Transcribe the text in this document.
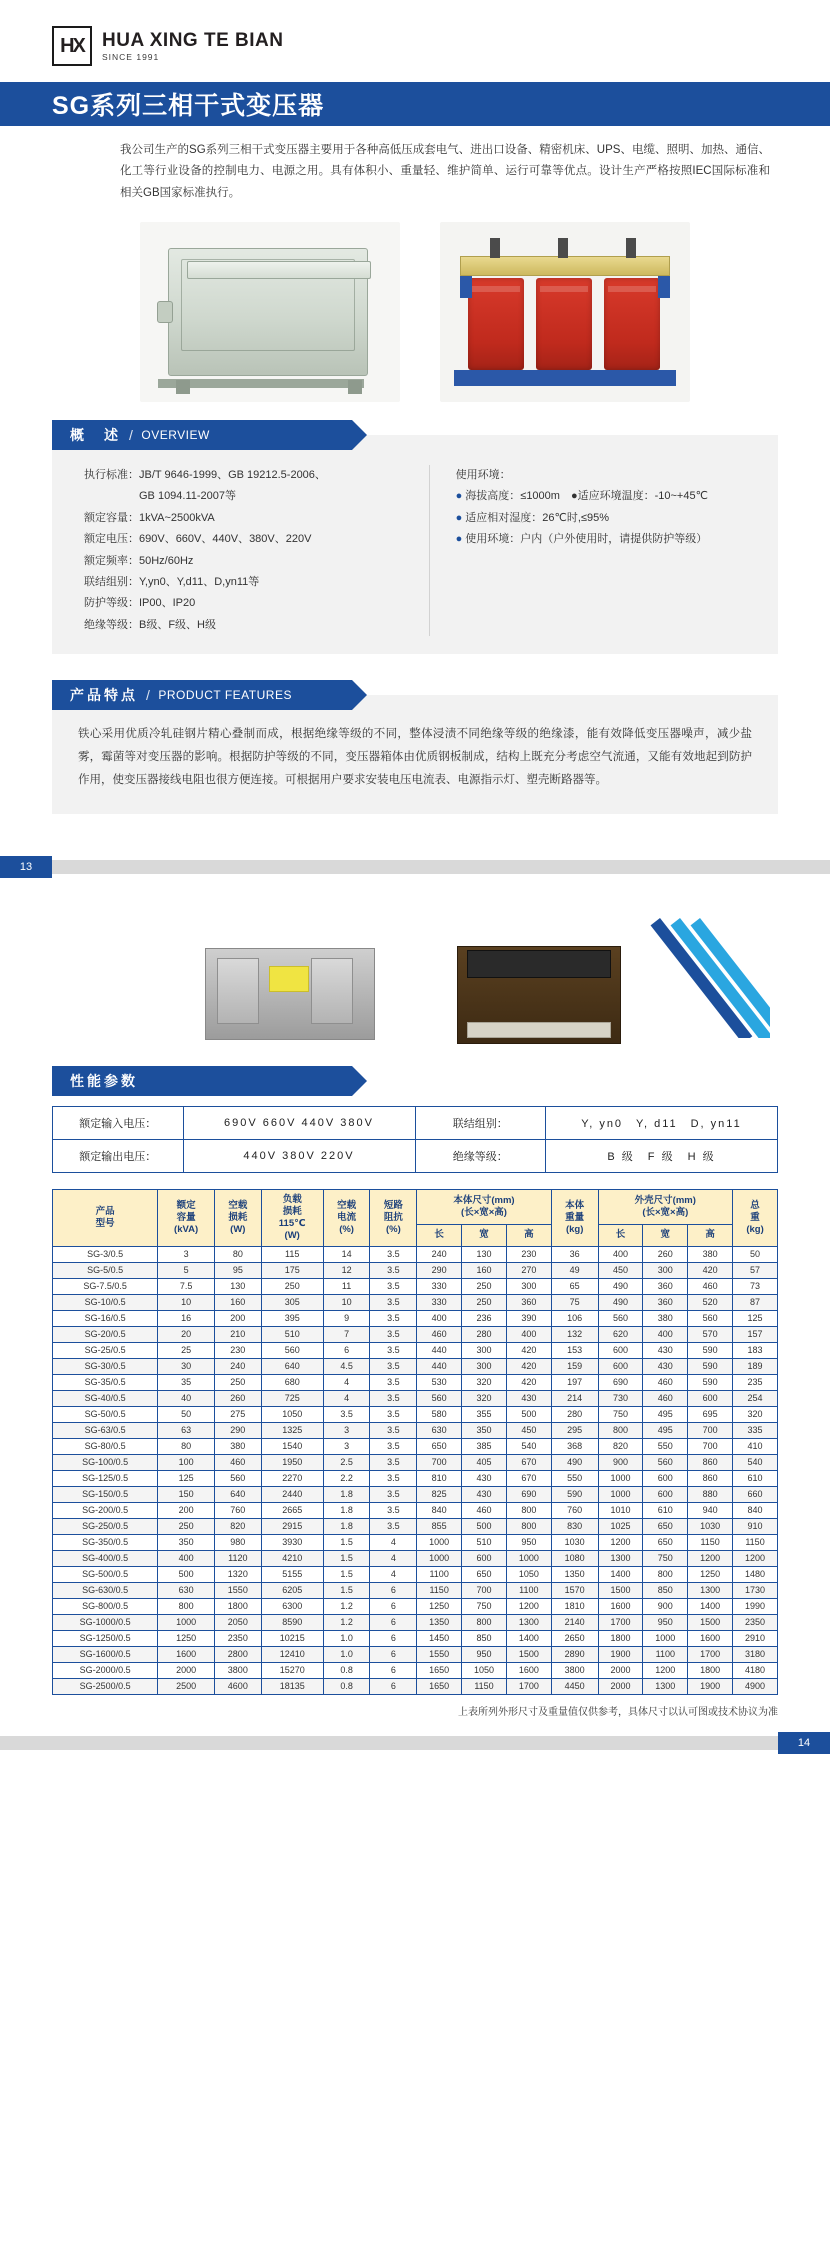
HX HUA XING TE BIAN
SINCE 1991
SG系列三相干式变压器
我公司生产的SG系列三相干式变压器主要用于各种高低压成套电气、进出口设备、精密机床、UPS、电缆、照明、加热、通信、化工等行业设备的控制电力、电源之用。具有体积小、重量轻、维护简单、运行可靠等优点。设计生产严格按照IEC国际标准和相关GB国家标准执行。
概　述 / OVERVIEW
执行标准：JB/T 9646-1999、GB 19212.5-2006、
　　　　　GB 1094.11-2007等
额定容量：1kVA~2500kVA
额定电压：690V、660V、440V、380V、220V
额定频率：50Hz/60Hz
联结组别：Y,yn0、Y,d11、D,yn11等
防护等级：IP00、IP20
绝缘等级：B级、F级、H级
使用环境：
● 海拔高度：≤1000m　●适应环境温度：-10~+45℃
● 适应相对湿度：26℃时,≤95%
● 使用环境：户内（户外使用时，请提供防护等级）
产品特点 / PRODUCT FEATURES
铁心采用优质冷轧硅钢片精心叠制而成，根据绝缘等级的不同，整体浸渍不同绝缘等级的绝缘漆，能有效降低变压器噪声，减少盐雾，霉菌等对变压器的影响。根据防护等级的不同，变压器箱体由优质钢板制成，结构上既充分考虑空气流通，又能有效地起到防护作用，使变压器接线电阻也很方便连接。可根据用户要求安装电压电流表、电源指示灯、塑壳断路器等。
13
性能参数
额定输入电压：	690V 660V 440V 380V	联结组别：	Y, yn0　Y, d11　D, yn11
额定输出电压：	440V 380V 220V	绝缘等级：	B 级　F 级　H 级
产品
型号	额定
容量
(kVA)	空载
损耗
(W)	负载
损耗
115℃
(W)	空载
电流
(%)	短路
阻抗
(%)	本体尺寸(mm)
(长×宽×高)			本体
重量
(kg)	外壳尺寸(mm)
(长×宽×高)			总
重
(kg)
						长	宽	高		长	宽	高	
SG-3/0.5	3	80	115	14	3.5	240	130	230	36	400	260	380	50
SG-5/0.5	5	95	175	12	3.5	290	160	270	49	450	300	420	57
SG-7.5/0.5	7.5	130	250	11	3.5	330	250	300	65	490	360	460	73
SG-10/0.5	10	160	305	10	3.5	330	250	360	75	490	360	520	87
SG-16/0.5	16	200	395	9	3.5	400	236	390	106	560	380	560	125
SG-20/0.5	20	210	510	7	3.5	460	280	400	132	620	400	570	157
SG-25/0.5	25	230	560	6	3.5	440	300	420	153	600	430	590	183
SG-30/0.5	30	240	640	4.5	3.5	440	300	420	159	600	430	590	189
SG-35/0.5	35	250	680	4	3.5	530	320	420	197	690	460	590	235
SG-40/0.5	40	260	725	4	3.5	560	320	430	214	730	460	600	254
SG-50/0.5	50	275	1050	3.5	3.5	580	355	500	280	750	495	695	320
SG-63/0.5	63	290	1325	3	3.5	630	350	450	295	800	495	700	335
SG-80/0.5	80	380	1540	3	3.5	650	385	540	368	820	550	700	410
SG-100/0.5	100	460	1950	2.5	3.5	700	405	670	490	900	560	860	540
SG-125/0.5	125	560	2270	2.2	3.5	810	430	670	550	1000	600	860	610
SG-150/0.5	150	640	2440	1.8	3.5	825	430	690	590	1000	600	880	660
SG-200/0.5	200	760	2665	1.8	3.5	840	460	800	760	1010	610	940	840
SG-250/0.5	250	820	2915	1.8	3.5	855	500	800	830	1025	650	1030	910
SG-350/0.5	350	980	3930	1.5	4	1000	510	950	1030	1200	650	1150	1150
SG-400/0.5	400	1120	4210	1.5	4	1000	600	1000	1080	1300	750	1200	1200
SG-500/0.5	500	1320	5155	1.5	4	1100	650	1050	1350	1400	800	1250	1480
SG-630/0.5	630	1550	6205	1.5	6	1150	700	1100	1570	1500	850	1300	1730
SG-800/0.5	800	1800	6300	1.2	6	1250	750	1200	1810	1600	900	1400	1990
SG-1000/0.5	1000	2050	8590	1.2	6	1350	800	1300	2140	1700	950	1500	2350
SG-1250/0.5	1250	2350	10215	1.0	6	1450	850	1400	2650	1800	1000	1600	2910
SG-1600/0.5	1600	2800	12410	1.0	6	1550	950	1500	2890	1900	1100	1700	3180
SG-2000/0.5	2000	3800	15270	0.8	6	1650	1050	1600	3800	2000	1200	1800	4180
SG-2500/0.5	2500	4600	18135	0.8	6	1650	1150	1700	4450	2000	1300	1900	4900
上表所列外形尺寸及重量值仅供参考，具体尺寸以认可图或技术协议为准
14
